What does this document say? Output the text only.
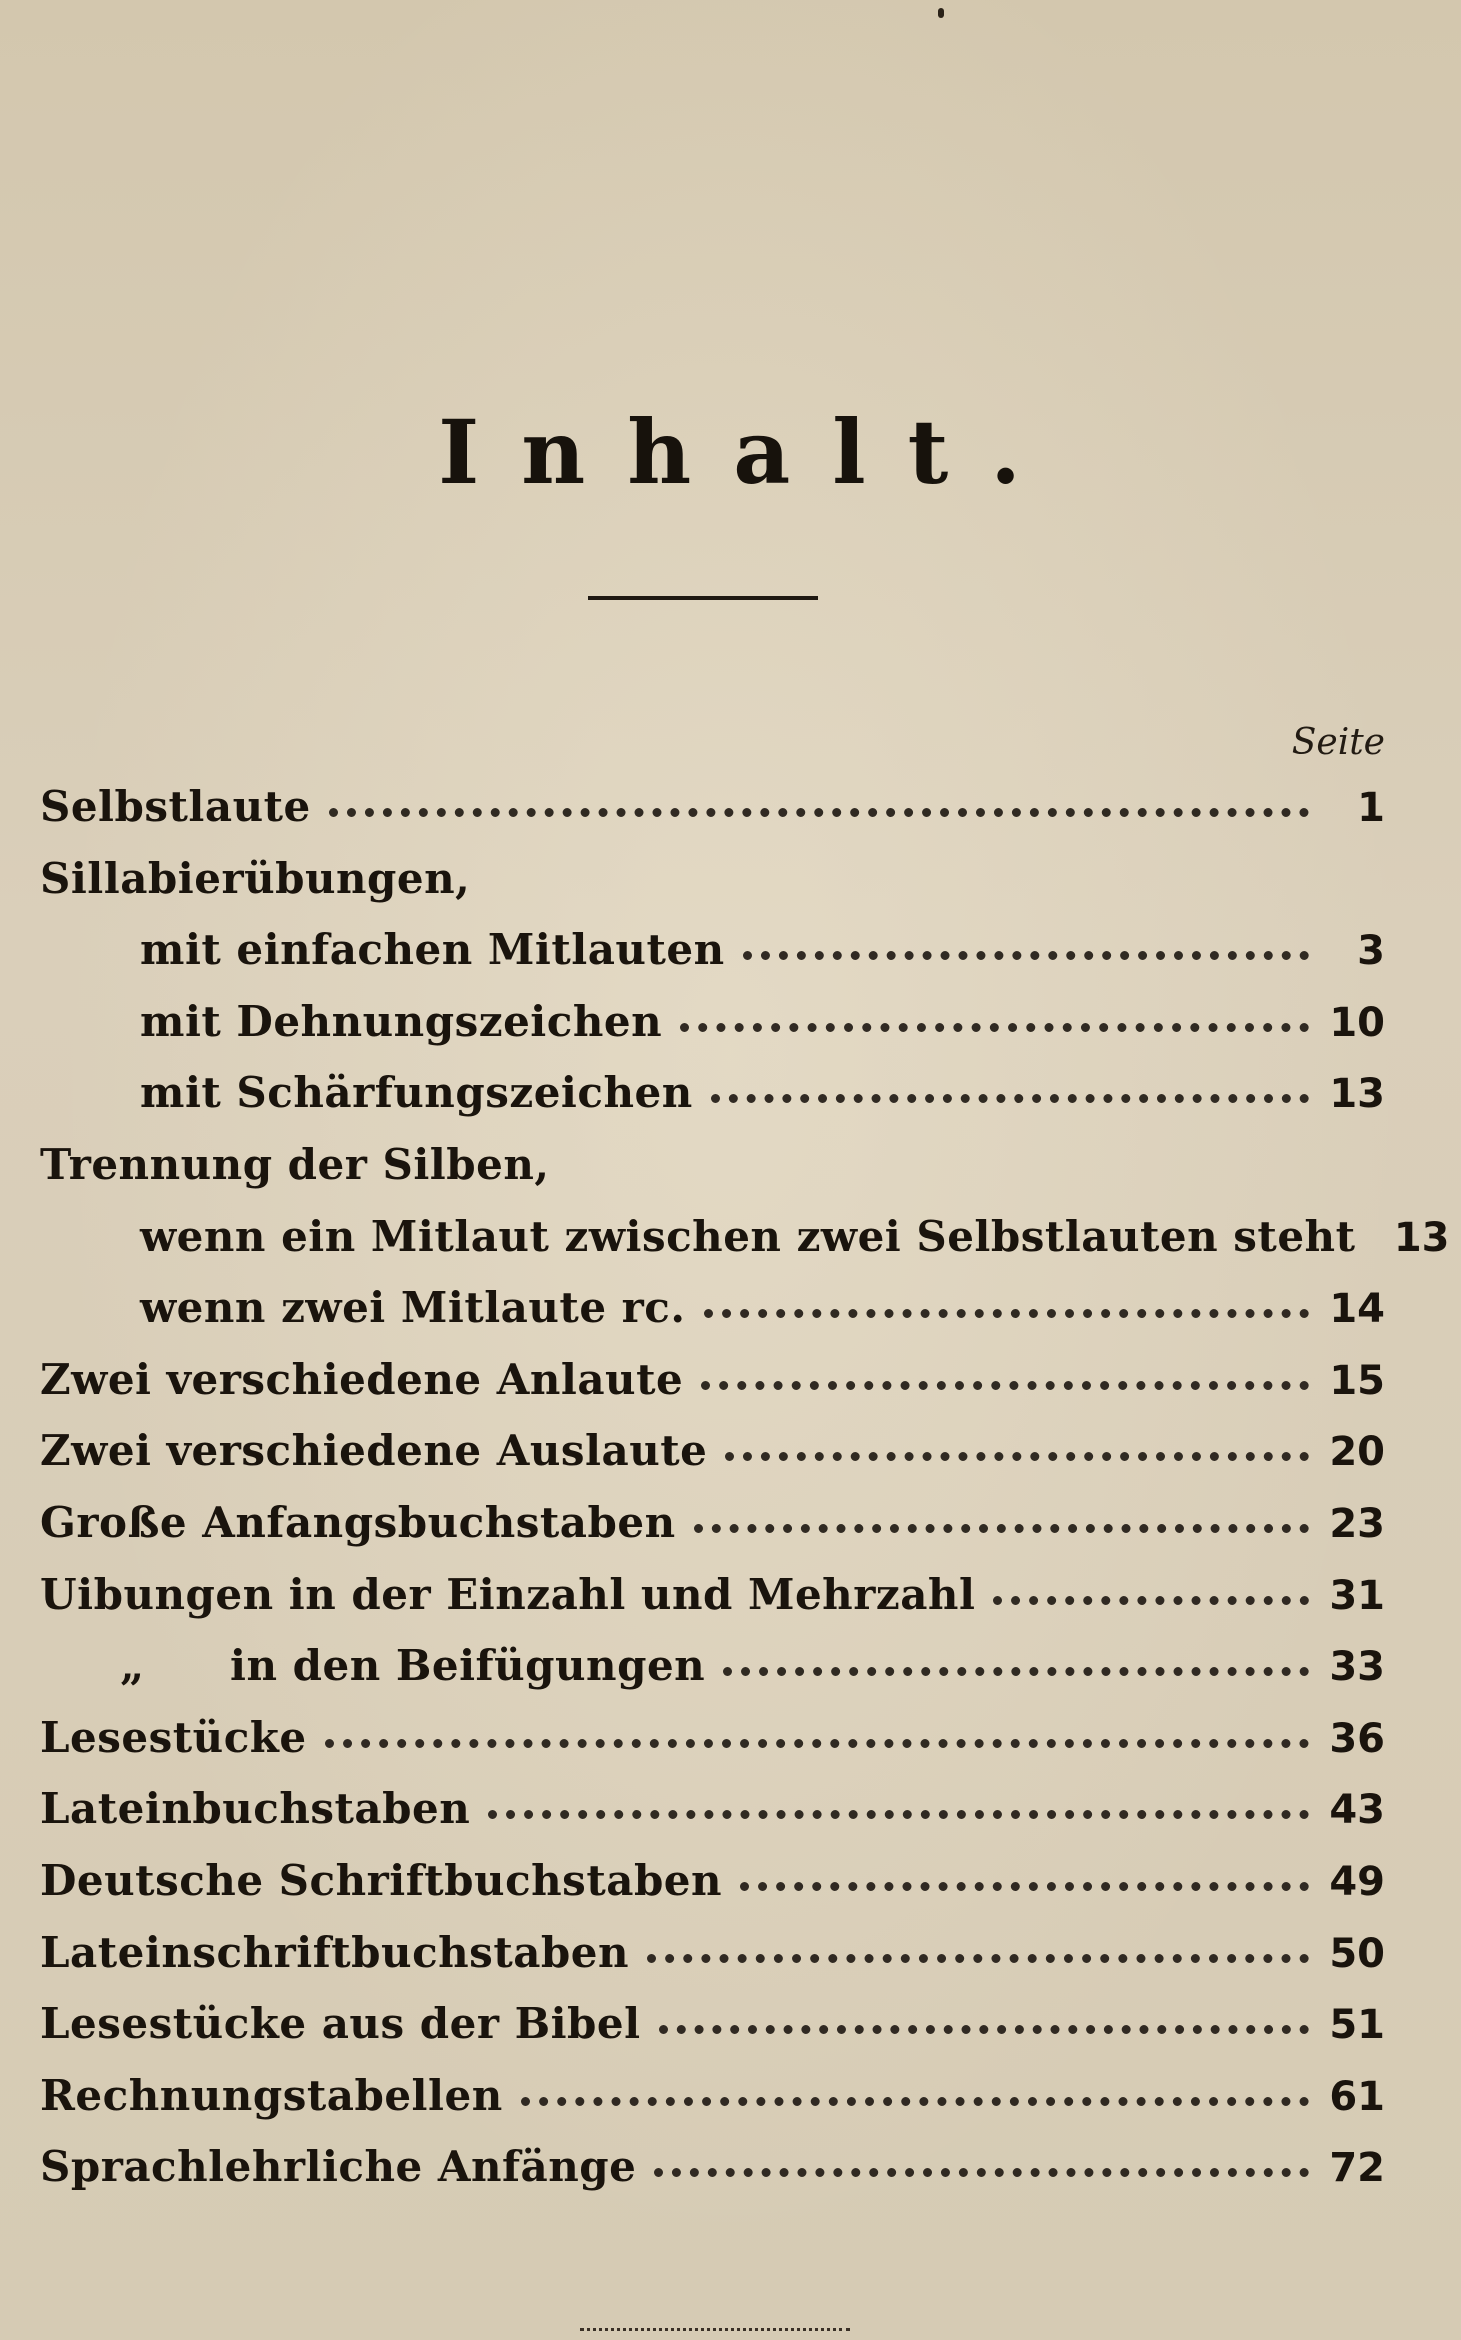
Inhalt.
Seite
Selbstlaute	1
Sillabierübungen,
mit einfachen Mitlauten	3
mit Dehnungszeichen	10
mit Schärfungszeichen	13
Trennung der Silben,
wenn ein Mitlaut zwischen zwei Selbstlauten steht 13
wenn zwei Mitlaute rc.	14
Zwei verschiedene Anlaute	15
Zwei verschiedene Auslaute	20
Große Anfangsbuchstaben	23
Uibungen in der Einzahl und Mehrzahl	31
„ in den Beifügungen	33
Lesestücke	36
Lateinbuchstaben	43
Deutsche Schriftbuchstaben	49
Lateinschriftbuchstaben	50
Lesestücke aus der Bibel	51
Rechnungstabellen	61
Sprachlehrliche Anfänge	72
